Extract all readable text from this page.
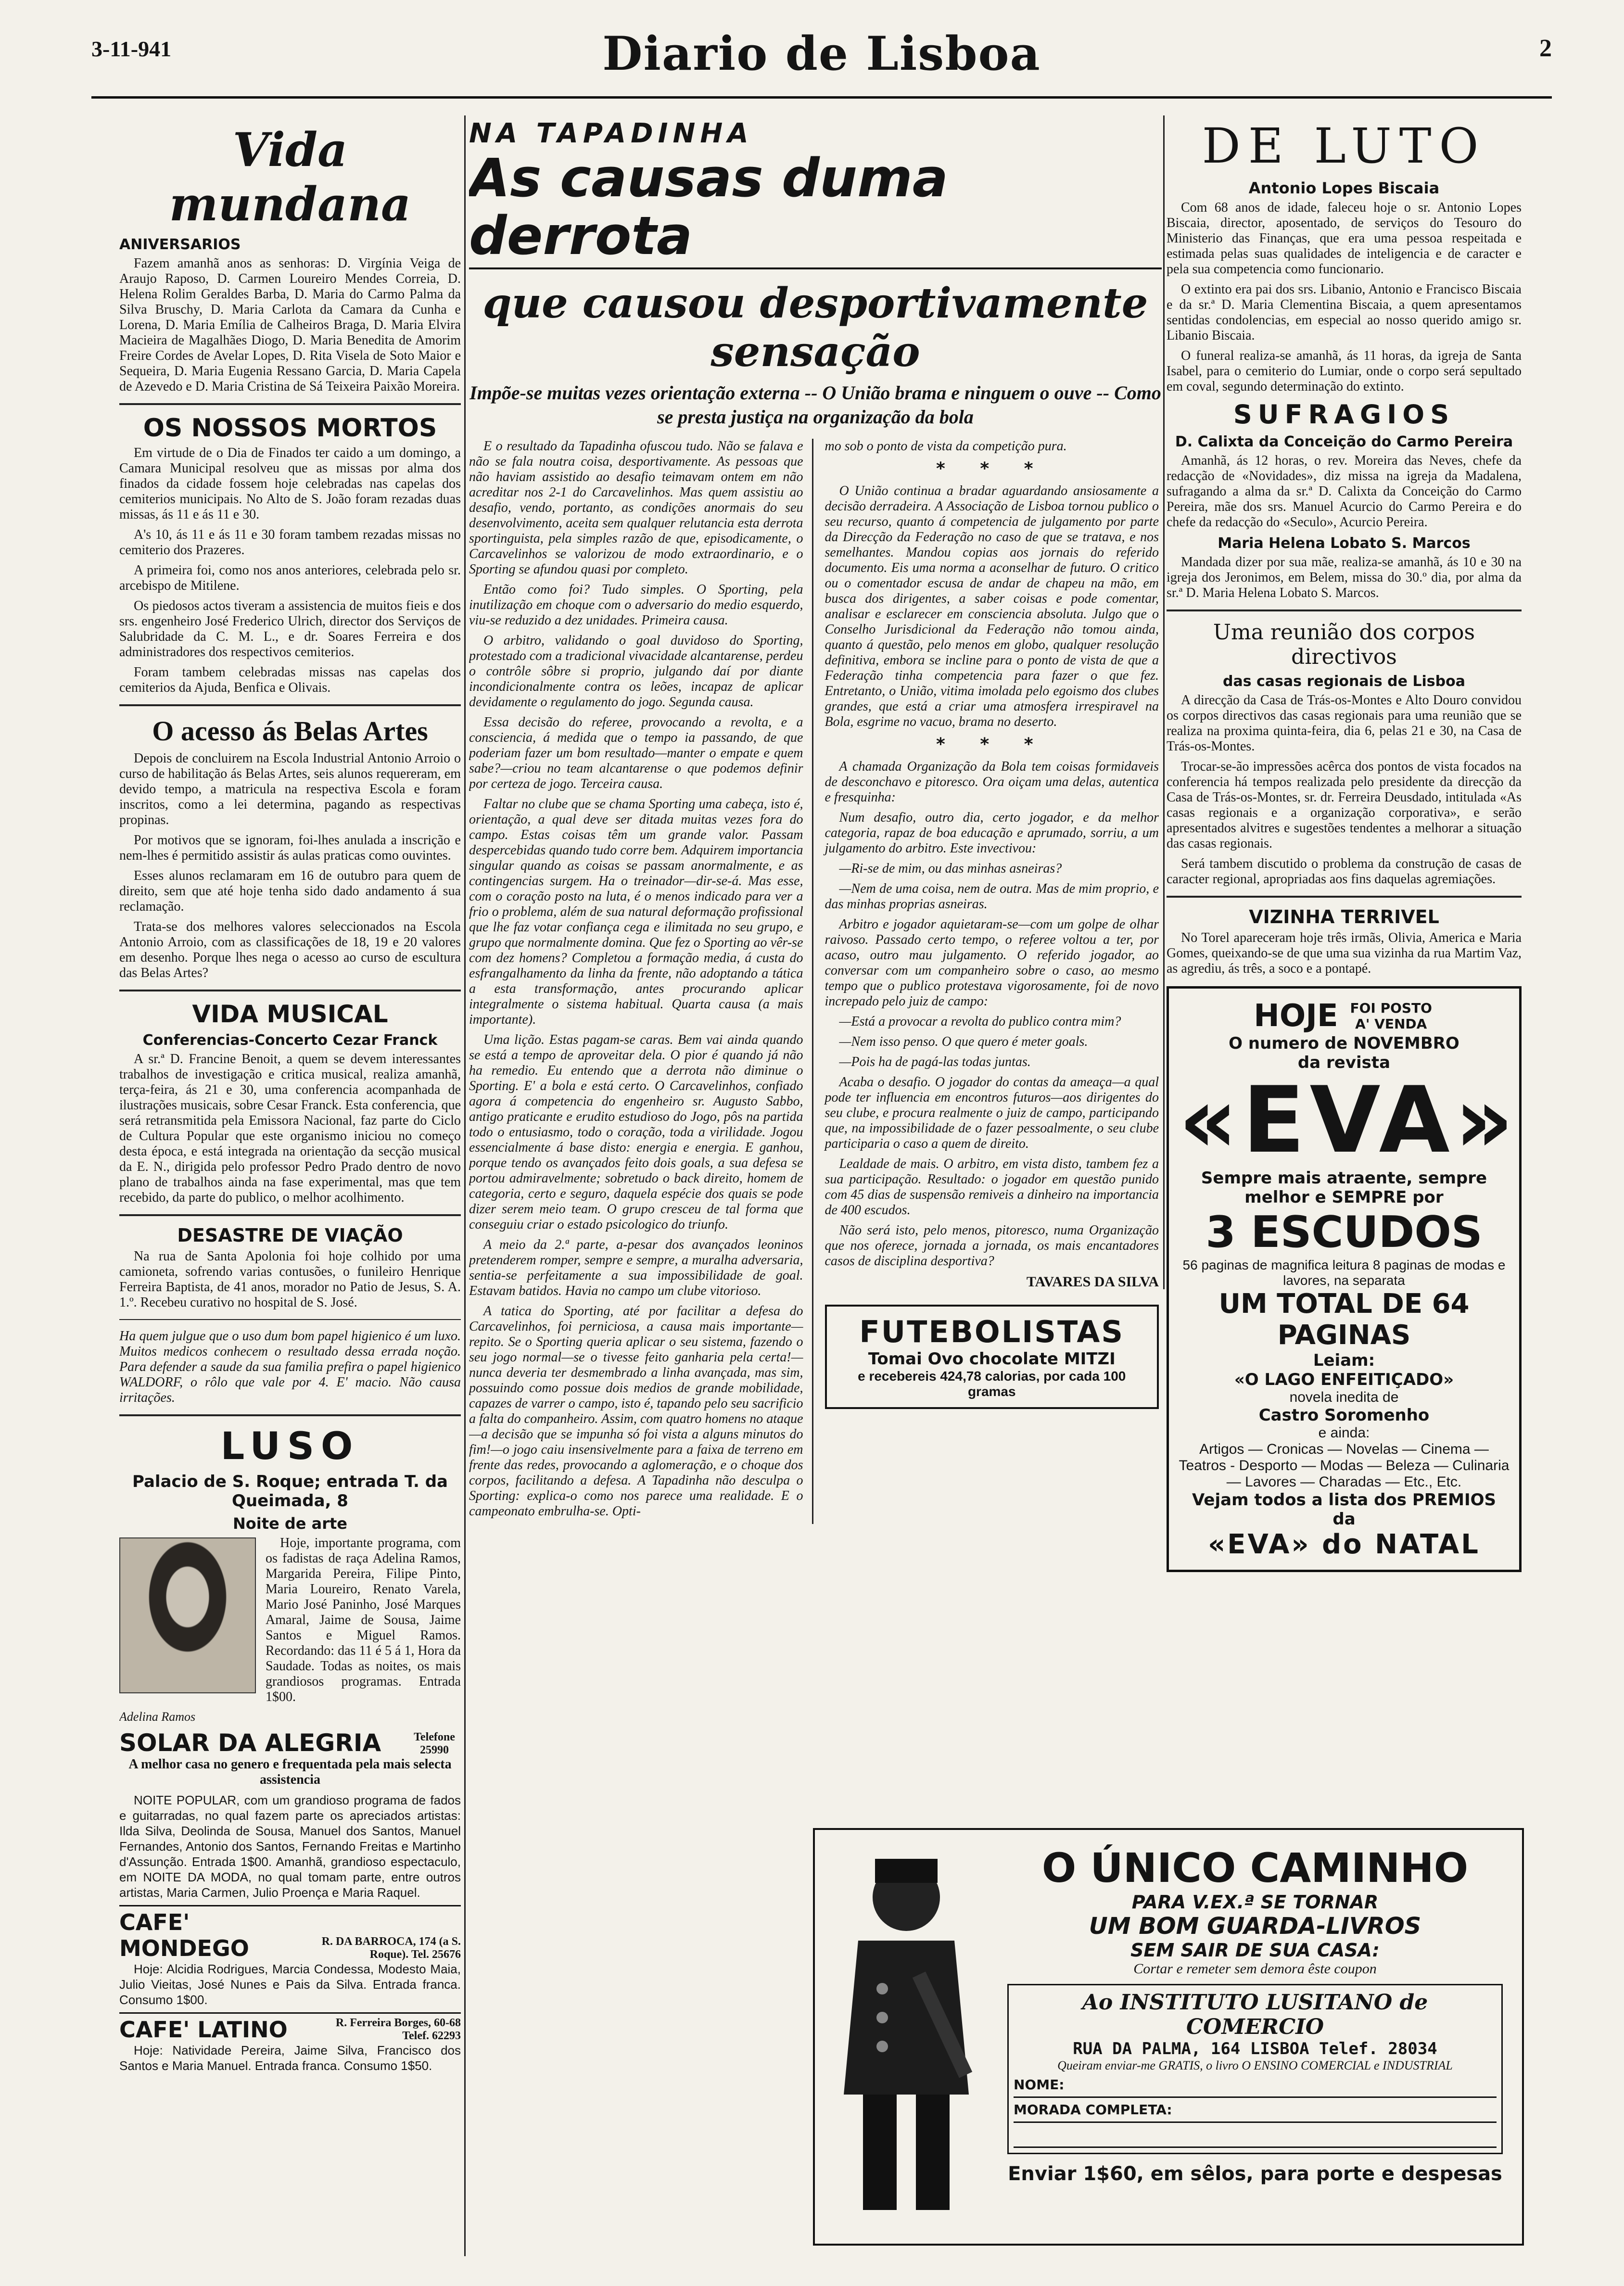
3-11-941	Diario de Lisboa	2
Vida mundana
ANIVERSARIOS

Fazem amanhã anos as senhoras: D. Virgínia Veiga de Araujo Raposo, D. Carmen Loureiro Mendes Correia, D. Helena Rolim Geraldes Barba, D. Maria do Carmo Palma da Silva Bruschy, D. Maria Carlota da Camara da Cunha e Lorena, D. Maria Emília de Calheiros Braga, D. Maria Elvira Macieira de Magalhães Diogo, D. Maria Benedita de Amorim Freire Cordes de Avelar Lopes, D. Rita Visela de Soto Maior e Sequeira, D. Maria Eugenia Ressano Garcia, D. Maria Capela de Azevedo e D. Maria Cristina de Sá Teixeira Paixão Moreira.

OS NOSSOS MORTOS

Em virtude de o Dia de Finados ter caido a um domingo, a Camara Municipal resolveu que as missas por alma dos finados da cidade fossem hoje celebradas nas capelas dos cemiterios municipais. No Alto de S. João foram rezadas duas missas, ás 11 e ás 11 e 30.

A's 10, ás 11 e ás 11 e 30 foram tambem rezadas missas no cemiterio dos Prazeres.

A primeira foi, como nos anos anteriores, celebrada pelo sr. arcebispo de Mitilene.

Os piedosos actos tiveram a assistencia de muitos fieis e dos srs. engenheiro José Frederico Ulrich, director dos Serviços de Salubridade da C. M. L., e dr. Soares Ferreira e dos administradores dos respectivos cemiterios.

Foram tambem celebradas missas nas capelas dos cemiterios da Ajuda, Benfica e Olivais.

O acesso ás Belas Artes

Depois de concluirem na Escola Industrial Antonio Arroio o curso de habilitação ás Belas Artes, seis alunos requereram, em devido tempo, a matricula na respectiva Escola e foram inscritos, como a lei determina, pagando as respectivas propinas.

Por motivos que se ignoram, foi-lhes anulada a inscrição e nem-lhes é permitido assistir ás aulas praticas como ouvintes.

Esses alunos reclamaram em 16 de outubro para quem de direito, sem que até hoje tenha sido dado andamento á sua reclamação.

Trata-se dos melhores valores seleccionados na Escola Antonio Arroio, com as classificações de 18, 19 e 20 valores em desenho. Porque lhes nega o acesso ao curso de escultura das Belas Artes?

VIDA MUSICAL
Conferencias-Concerto Cezar Franck

A sr.ª D. Francine Benoit, a quem se devem interessantes trabalhos de investigação e critica musical, realiza amanhã, terça-feira, ás 21 e 30, uma conferencia acompanhada de ilustrações musicais, sobre Cesar Franck. Esta conferencia, que será retransmitida pela Emissora Nacional, faz parte do Ciclo de Cultura Popular que este organismo iniciou no começo desta época, e está integrada na orientação da secção musical da E. N., dirigida pelo professor Pedro Prado dentro de novo plano de trabalhos ainda na fase experimental, mas que tem recebido, da parte do publico, o melhor acolhimento.

DESASTRE DE VIAÇÃO

Na rua de Santa Apolonia foi hoje colhido por uma camioneta, sofrendo varias contusões, o funileiro Henrique Ferreira Baptista, de 41 anos, morador no Patio de Jesus, S. A. 1.º. Recebeu curativo no hospital de S. José.

Ha quem julgue que o uso dum bom papel higienico é um luxo. Muitos medicos conhecem o resultado dessa errada noção. Para defender a saude da sua familia prefira o papel higienico WALDORF, o rôlo que vale por 4. E' macio. Não causa irritações.

LUSO
Palacio de S. Roque; entrada T. da Queimada, 8
Noite de arte

Hoje, importante programa, com os fadistas de raça Adelina Ramos, Margarida Pereira, Filipe Pinto, Maria Loureiro, Renato Varela, Mario José Paninho, José Marques Amaral, Jaime de Sousa, Jaime Santos e Miguel Ramos. Recordando: das 11 é 5 á 1, Hora da Saudade. Todas as noites, os mais grandiosos programas. Entrada 1$00.

Adelina Ramos
SOLAR DA ALEGRIA	Telefone 25990

A melhor casa no genero e frequentada pela mais selecta assistencia

NOITE POPULAR, com um grandioso programa de fados e guitarradas, no qual fazem parte os apreciados artistas: Ilda Silva, Deolinda de Sousa, Manuel dos Santos, Manuel Fernandes, Antonio dos Santos, Fernando Freitas e Martinho d'Assunção. Entrada 1$00. Amanhã, grandioso espectaculo, em NOITE DA MODA, no qual tomam parte, entre outros artistas, Maria Carmen, Julio Proença e Maria Raquel.

CAFE' MONDEGO	R. DA BARROCA, 174 (a S. Roque). Tel. 25676

Hoje: Alcidia Rodrigues, Marcia Condessa, Modesto Maia, Julio Vieitas, José Nunes e Pais da Silva. Entrada franca. Consumo 1$00.

CAFE' LATINO	R. Ferreira Borges, 60-68 Telef. 62293

Hoje: Natividade Pereira, Jaime Silva, Francisco dos Santos e Maria Manuel. Entrada franca. Consumo 1$50.

NA TAPADINHA
As causas duma derrota
que causou desportivamente sensação
Impõe-se muitas vezes orientação externa -- O União brama e ninguem o ouve -- Como se presta justiça na organização da bola

E o resultado da Tapadinha ofuscou tudo. Não se falava e não se fala noutra coisa, desportivamente. As pessoas que não haviam assistido ao desafio teimavam ontem em não acreditar nos 2-1 do Carcavelinhos. Mas quem assistiu ao desafio, vendo, portanto, as condições anormais do seu desenvolvimento, aceita sem qualquer relutancia esta derrota sportinguista, pela simples razão de que, episodicamente, o Carcavelinhos se valorizou de modo extraordinario, e o Sporting se afundou quasi por completo.

Então como foi? Tudo simples. O Sporting, pela inutilização em choque com o adversario do medio esquerdo, viu-se reduzido a dez unidades. Primeira causa.

O arbitro, validando o goal duvidoso do Sporting, protestado com a tradicional vivacidade alcantarense, perdeu o contrôle sôbre si proprio, julgando daí por diante incondicionalmente contra os leões, incapaz de aplicar devidamente o regulamento do jogo. Segunda causa.

Essa decisão do referee, provocando a revolta, e a consciencia, á medida que o tempo ia passando, de que poderiam fazer um bom resultado—manter o empate e quem sabe?—criou no team alcantarense o que podemos definir por certeza de jogo. Terceira causa.

Faltar no clube que se chama Sporting uma cabeça, isto é, orientação, a qual deve ser ditada muitas vezes fora do campo. Estas coisas têm um grande valor. Passam despercebidas quando tudo corre bem. Adquirem importancia singular quando as coisas se passam anormalmente, e as contingencias surgem. Ha o treinador—dir-se-á. Mas esse, com o coração posto na luta, é o menos indicado para ver a frio o problema, além de sua natural deformação profissional que lhe faz votar confiança cega e ilimitada no seu grupo, e grupo que normalmente domina. Que fez o Sporting ao vêr-se com dez homens? Completou a formação media, á custa do esfrangalhamento da linha da frente, não adoptando a tática a esta transformação, antes procurando aplicar integralmente o sistema habitual. Quarta causa (a mais importante).

Uma lição. Estas pagam-se caras. Bem vai ainda quando se está a tempo de aproveitar dela. O pior é quando já não ha remedio. Eu entendo que a derrota não diminue o Sporting. E' a bola e está certo. O Carcavelinhos, confiado agora á competencia do engenheiro sr. Augusto Sabbo, antigo praticante e erudito estudioso do Jogo, pôs na partida todo o entusiasmo, todo o coração, toda a virilidade. Jogou essencialmente á base disto: energia e energia. E ganhou, porque tendo os avançados feito dois goals, a sua defesa se portou admiravelmente; sobretudo o back direito, homem de categoria, certo e seguro, daquela espécie dos quais se pode dizer serem meio team. O grupo cresceu de tal forma que conseguiu criar o estado psicologico do triunfo.

A meio da 2.ª parte, a-pesar dos avançados leoninos pretenderem romper, sempre e sempre, a muralha adversaria, sentia-se perfeitamente a sua impossibilidade de goal. Estavam batidos. Havia no campo um clube vitorioso.

A tatica do Sporting, até por facilitar a defesa do Carcavelinhos, foi perniciosa, a causa mais importante—repito. Se o Sporting queria aplicar o seu sistema, fazendo o seu jogo normal—se o tivesse feito ganharia pela certa!—nunca deveria ter desmembrado a linha avançada, mas sim, possuindo como possue dois medios de grande mobilidade, capazes de varrer o campo, isto é, tapando pelo seu sacrificio a falta do companheiro. Assim, com quatro homens no ataque—a decisão que se impunha só foi vista a alguns minutos do fim!—o jogo caiu insensivelmente para a faixa de terreno em frente das redes, provocando a aglomeração, e o choque dos corpos, facilitando a defesa. A Tapadinha não desculpa o Sporting: explica-o como nos parece uma realidade. E o campeonato embrulha-se. Opti-

mo sob o ponto de vista da competição pura.

* * *

O União continua a bradar aguardando ansiosamente a decisão derradeira. A Associação de Lisboa tornou publico o seu recurso, quanto á competencia de julgamento por parte da Direcção da Federação no caso de que se tratava, e nos semelhantes. Mandou copias aos jornais do referido documento. Eis uma norma a aconselhar de futuro. O critico ou o comentador escusa de andar de chapeu na mão, em busca dos dirigentes, a saber coisas e pode comentar, analisar e esclarecer em consciencia absoluta. Julgo que o Conselho Jurisdicional da Federação não tomou ainda, quanto á questão, pelo menos em globo, qualquer resolução definitiva, embora se incline para o ponto de vista de que a Federação tinha competencia para fazer o que fez. Entretanto, o União, vitima imolada pelo egoismo dos clubes grandes, que está a criar uma atmosfera irrespiravel na Bola, esgrime no vacuo, brama no deserto.

* * *

A chamada Organização da Bola tem coisas formidaveis de desconchavo e pitoresco. Ora oiçam uma delas, autentica e fresquinha:

Num desafio, outro dia, certo jogador, e da melhor categoria, rapaz de boa educação e aprumado, sorriu, a um julgamento do arbitro. Este invectivou:

—Ri-se de mim, ou das minhas asneiras?

—Nem de uma coisa, nem de outra. Mas de mim proprio, e das minhas proprias asneiras.

Arbitro e jogador aquietaram-se—com um golpe de olhar raivoso. Passado certo tempo, o referee voltou a ter, por acaso, outro mau julgamento. O referido jogador, ao conversar com um companheiro sobre o caso, ao mesmo tempo que o publico protestava vigorosamente, foi de novo increpado pelo juiz de campo:

—Está a provocar a revolta do publico contra mim?

—Nem isso penso. O que quero é meter goals.

—Pois ha de pagá-las todas juntas.

Acaba o desafio. O jogador do contas da ameaça—a qual pode ter influencia em encontros futuros—aos dirigentes do seu clube, e procura realmente o juiz de campo, participando que, na impossibilidade de o fazer pessoalmente, o seu clube participaria o caso a quem de direito.

Lealdade de mais. O arbitro, em vista disto, tambem fez a sua participação. Resultado: o jogador em questão punido com 45 dias de suspensão remiveis a dinheiro na importancia de 400 escudos.

Não será isto, pelo menos, pitoresco, numa Organização que nos oferece, jornada a jornada, os mais encantadores casos de disciplina desportiva?

TAVARES DA SILVA
FUTEBOLISTAS
Tomai Ovo chocolate MITZI
e recebereis 424,78 calorias, por cada 100 gramas
DE LUTO
Antonio Lopes Biscaia

Com 68 anos de idade, faleceu hoje o sr. Antonio Lopes Biscaia, director, aposentado, de serviços do Tesouro do Ministerio das Finanças, que era uma pessoa respeitada e estimada pelas suas qualidades de inteligencia e de caracter e pela sua competencia como funcionario.

O extinto era pai dos srs. Libanio, Antonio e Francisco Biscaia e da sr.ª D. Maria Clementina Biscaia, a quem apresentamos sentidas condolencias, em especial ao nosso querido amigo sr. Libanio Biscaia.

O funeral realiza-se amanhã, ás 11 horas, da igreja de Santa Isabel, para o cemiterio do Lumiar, onde o corpo será sepultado em coval, segundo determinação do extinto.

SUFRAGIOS
D. Calixta da Conceição do Carmo Pereira

Amanhã, ás 12 horas, o rev. Moreira das Neves, chefe da redacção de «Novidades», diz missa na igreja da Madalena, sufragando a alma da sr.ª D. Calixta da Conceição do Carmo Pereira, mãe dos srs. Manuel Acurcio do Carmo Pereira e do chefe da redacção do «Seculo», Acurcio Pereira.

Maria Helena Lobato S. Marcos

Mandada dizer por sua mãe, realiza-se amanhã, ás 10 e 30 na igreja dos Jeronimos, em Belem, missa do 30.º dia, por alma da sr.ª D. Maria Helena Lobato S. Marcos.

Uma reunião dos corpos directivos
das casas regionais de Lisboa

A direcção da Casa de Trás-os-Montes e Alto Douro convidou os corpos directivos das casas regionais para uma reunião que se realiza na proxima quinta-feira, dia 6, pelas 21 e 30, na Casa de Trás-os-Montes.

Trocar-se-ão impressões acêrca dos pontos de vista focados na conferencia há tempos realizada pelo presidente da direcção da Casa de Trás-os-Montes, sr. dr. Ferreira Deusdado, intitulada «As casas regionais e a organização corporativa», e serão apresentados alvitres e sugestões tendentes a melhorar a situação das casas regionais.

Será tambem discutido o problema da construção de casas de caracter regional, apropriadas aos fins daquelas agremiações.

VIZINHA TERRIVEL

No Torel apareceram hoje três irmãs, Olivia, America e Maria Gomes, queixando-se de que uma sua vizinha da rua Martim Vaz, as agrediu, ás três, a soco e a pontapé.

HOJE FOI POSTO A' VENDA
O numero de NOVEMBRO
da revista
«EVA»
Sempre mais atraente, sempre melhor e SEMPRE por
3 ESCUDOS
56 paginas de magnifica leitura 8 paginas de modas e lavores, na separata
UM TOTAL DE 64 PAGINAS
Leiam:
«O LAGO ENFEITIÇADO»
novela inedita de
Castro Soromenho
e ainda:
Artigos — Cronicas — Novelas — Cinema — Teatros - Desporto — Modas — Beleza — Culinaria — Lavores — Charadas — Etc., Etc.
Vejam todos a lista dos PREMIOS da
«EVA» do NATAL
O ÚNICO CAMINHO
PARA V.EX.ª SE TORNAR
UM BOM GUARDA-LIVROS
SEM SAIR DE SUA CASA:
Cortar e remeter sem demora êste coupon
Ao INSTITUTO LUSITANO de COMERCIO
RUA DA PALMA, 164 LISBOA Telef. 28034
Queiram enviar-me GRATIS, o livro O ENSINO COMERCIAL e INDUSTRIAL
NOME:
MORADA COMPLETA:

Enviar 1$60, em sêlos, para porte e despesas
